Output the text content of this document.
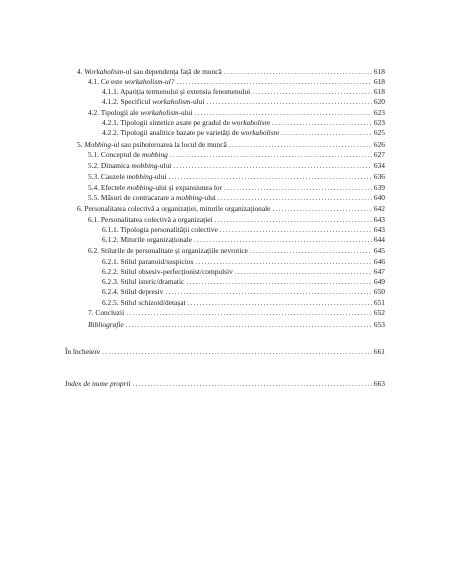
4. Workaholism-ul sau dependența față de muncă .....	618
4.1. Ce este workaholism-ul? .....	618
4.1.1. Apariția termenului și extensia fenomenului .....	618
4.1.2. Specificul workaholism-ului .....	620
4.2. Tipologii ale workaholism-ului .....	623
4.2.1. Tipologii sintetice axate pe gradul de workaholism .....	623
4.2.2. Tipologii analitice bazate pe varietăți de workaholism .....	625
5. Mobbing-ul sau psihoteroarea la locul de muncă .....	626
5.1. Conceptul de mobbing .....	627
5.2. Dinamica mobbing-ului .....	634
5.3. Cauzele mobbing-ului .....	636
5.4. Efectele mobbing-ului și expansiunea lor .....	639
5.5. Măsuri de contracarare a mobbing-ului .....	640
6. Personalitatea colectivă a organizației, miturile organizaționale .....	642
6.1. Personalitatea colectivă a organizației .....	643
6.1.1. Tipologia personalității colective .....	643
6.1.2. Miturile organizaționale .....	644
6.2. Stilurile de personalitate și organizațiile nevrotice .....	645
6.2.1. Stilul paranoid/suspicios .....	646
6.2.2. Stilul obsesiv-perfecționist/compulsiv .....	647
6.2.3. Stilul isteric/dramatic .....	649
6.2.4. Stilul depresiv .....	650
6.2.5. Stilul schizoid/detașat .....	651
7. Concluzii .....	652
Bibliografie .....	653
În încheiere .....	661
Index de nume proprii .....	663
